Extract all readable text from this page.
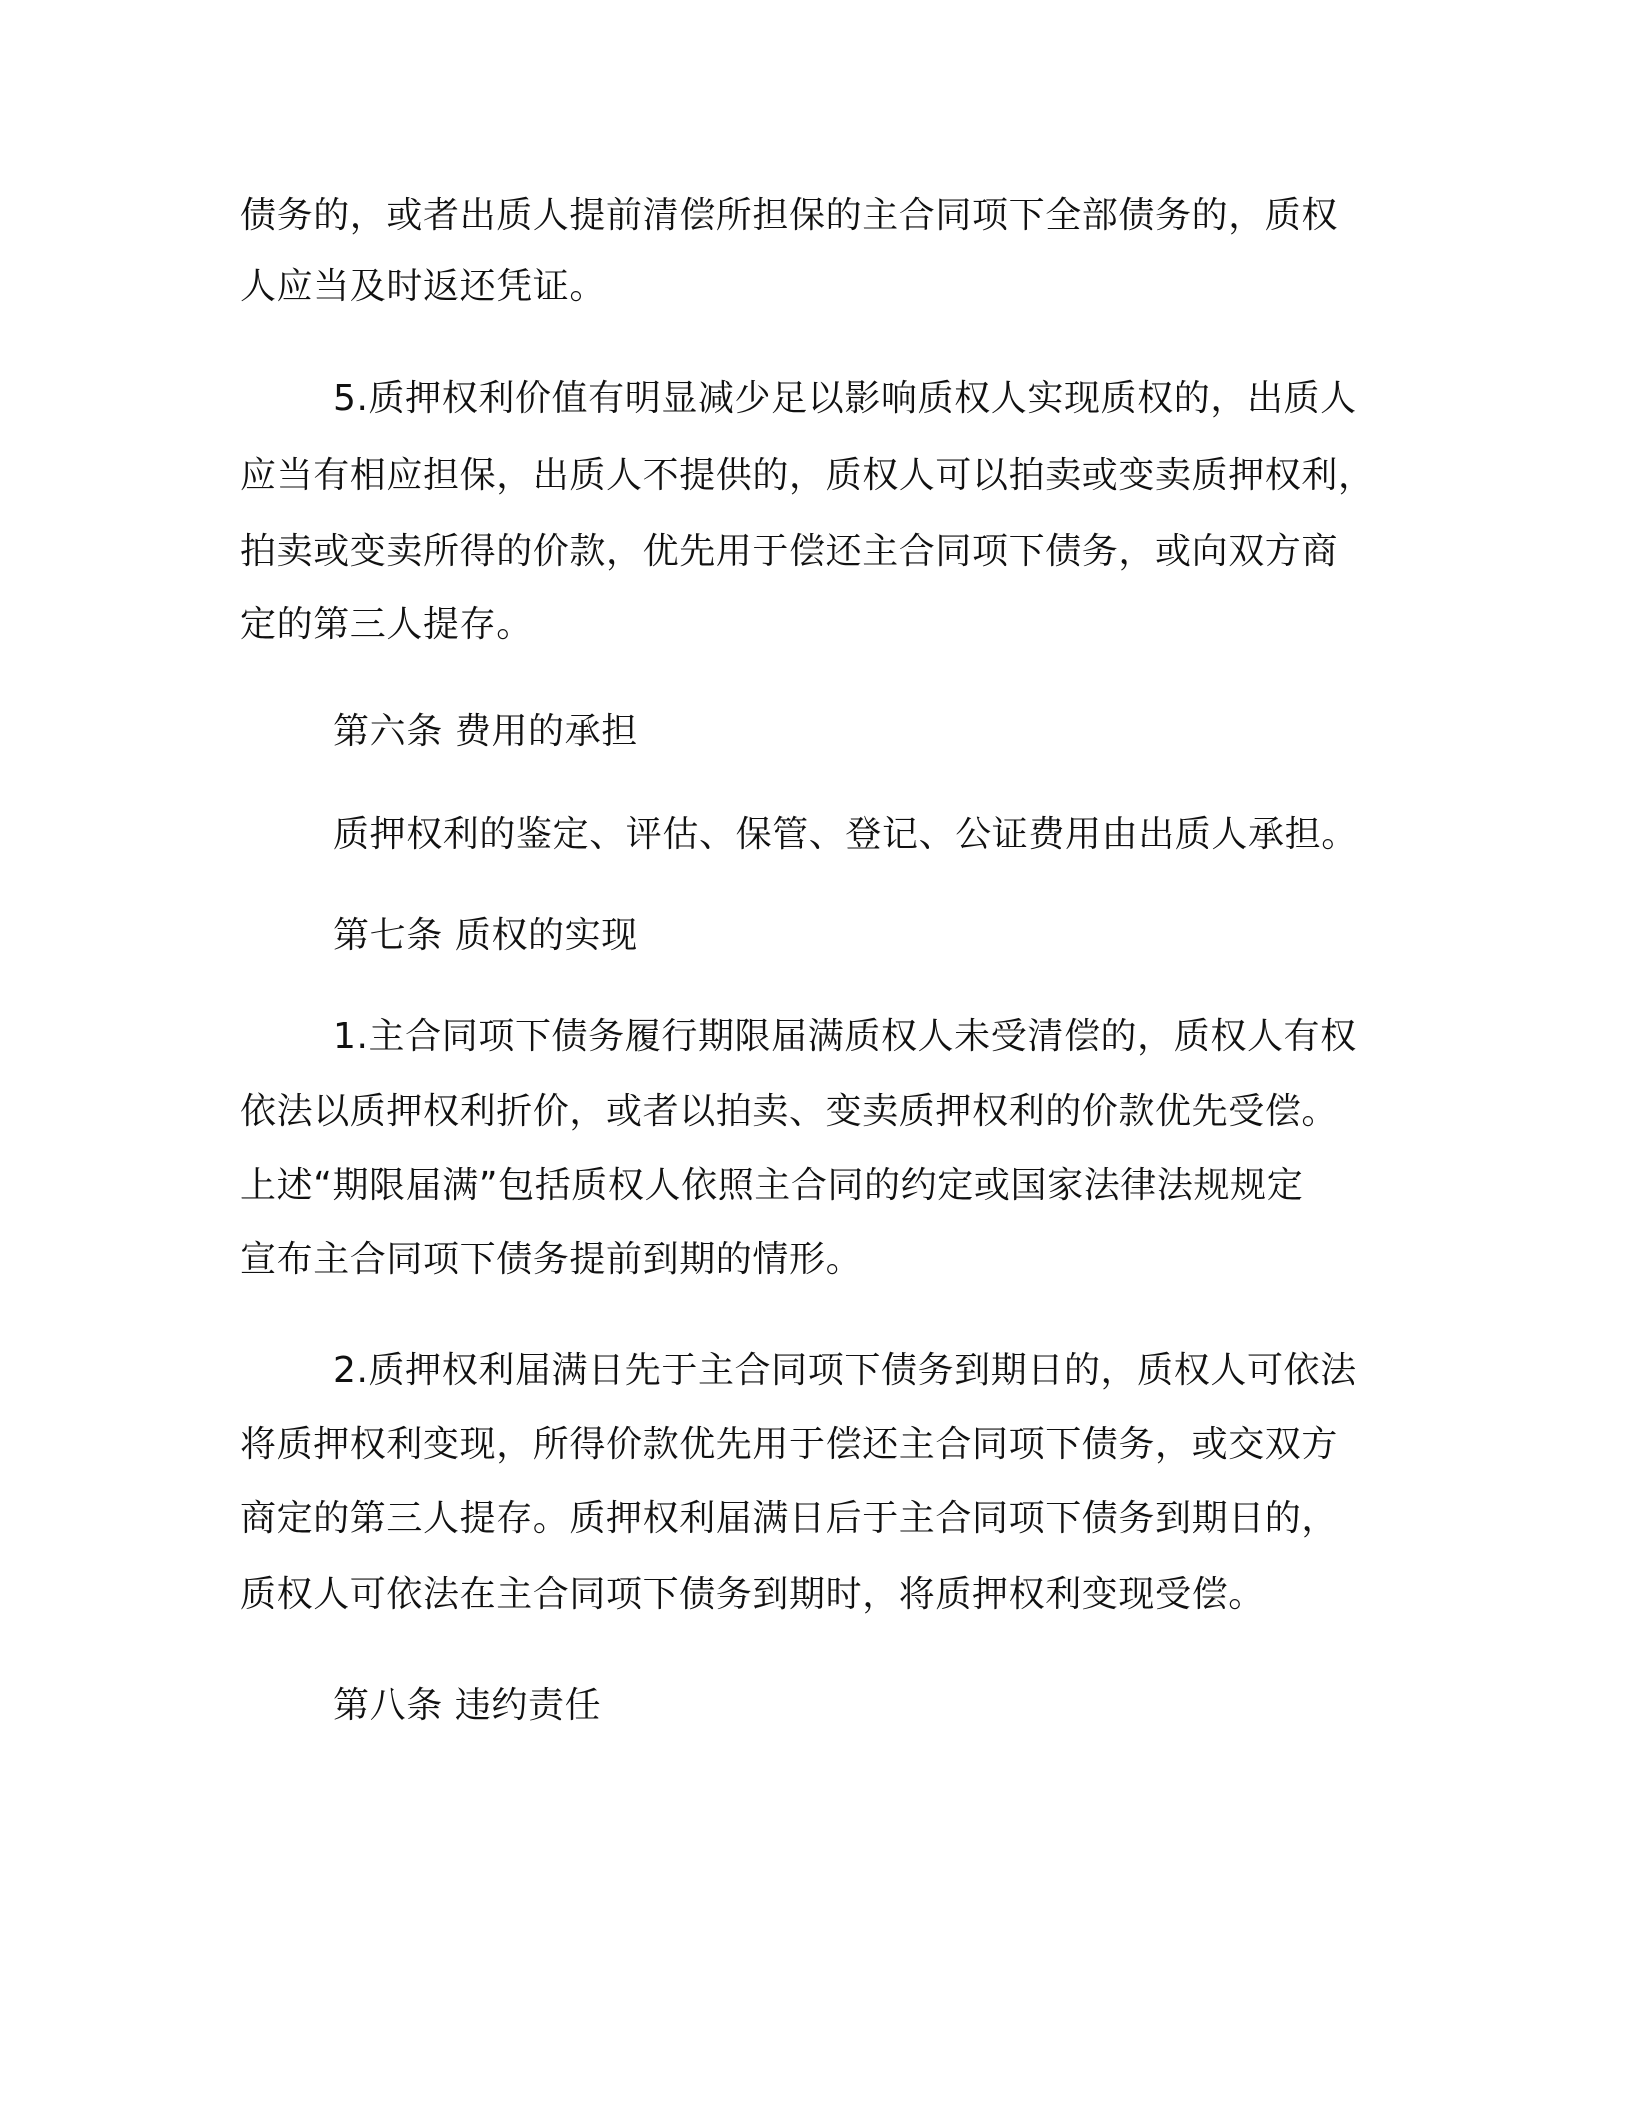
债务的，或者出质人提前清偿所担保的主合同项下全部债务的，质权
人应当及时返还凭证。
5.质押权利价值有明显减少足以影响质权人实现质权的，出质人
应当有相应担保，出质人不提供的，质权人可以拍卖或变卖质押权利，
拍卖或变卖所得的价款，优先用于偿还主合同项下债务，或向双方商
定的第三人提存。
第六条 费用的承担
质押权利的鉴定、评估、保管、登记、公证费用由出质人承担。
第七条 质权的实现
1.主合同项下债务履行期限届满质权人未受清偿的，质权人有权
依法以质押权利折价，或者以拍卖、变卖质押权利的价款优先受偿。
上述“期限届满”包括质权人依照主合同的约定或国家法律法规规定
宣布主合同项下债务提前到期的情形。
2.质押权利届满日先于主合同项下债务到期日的，质权人可依法
将质押权利变现，所得价款优先用于偿还主合同项下债务，或交双方
商定的第三人提存。质押权利届满日后于主合同项下债务到期日的，
质权人可依法在主合同项下债务到期时，将质押权利变现受偿。
第八条 违约责任
